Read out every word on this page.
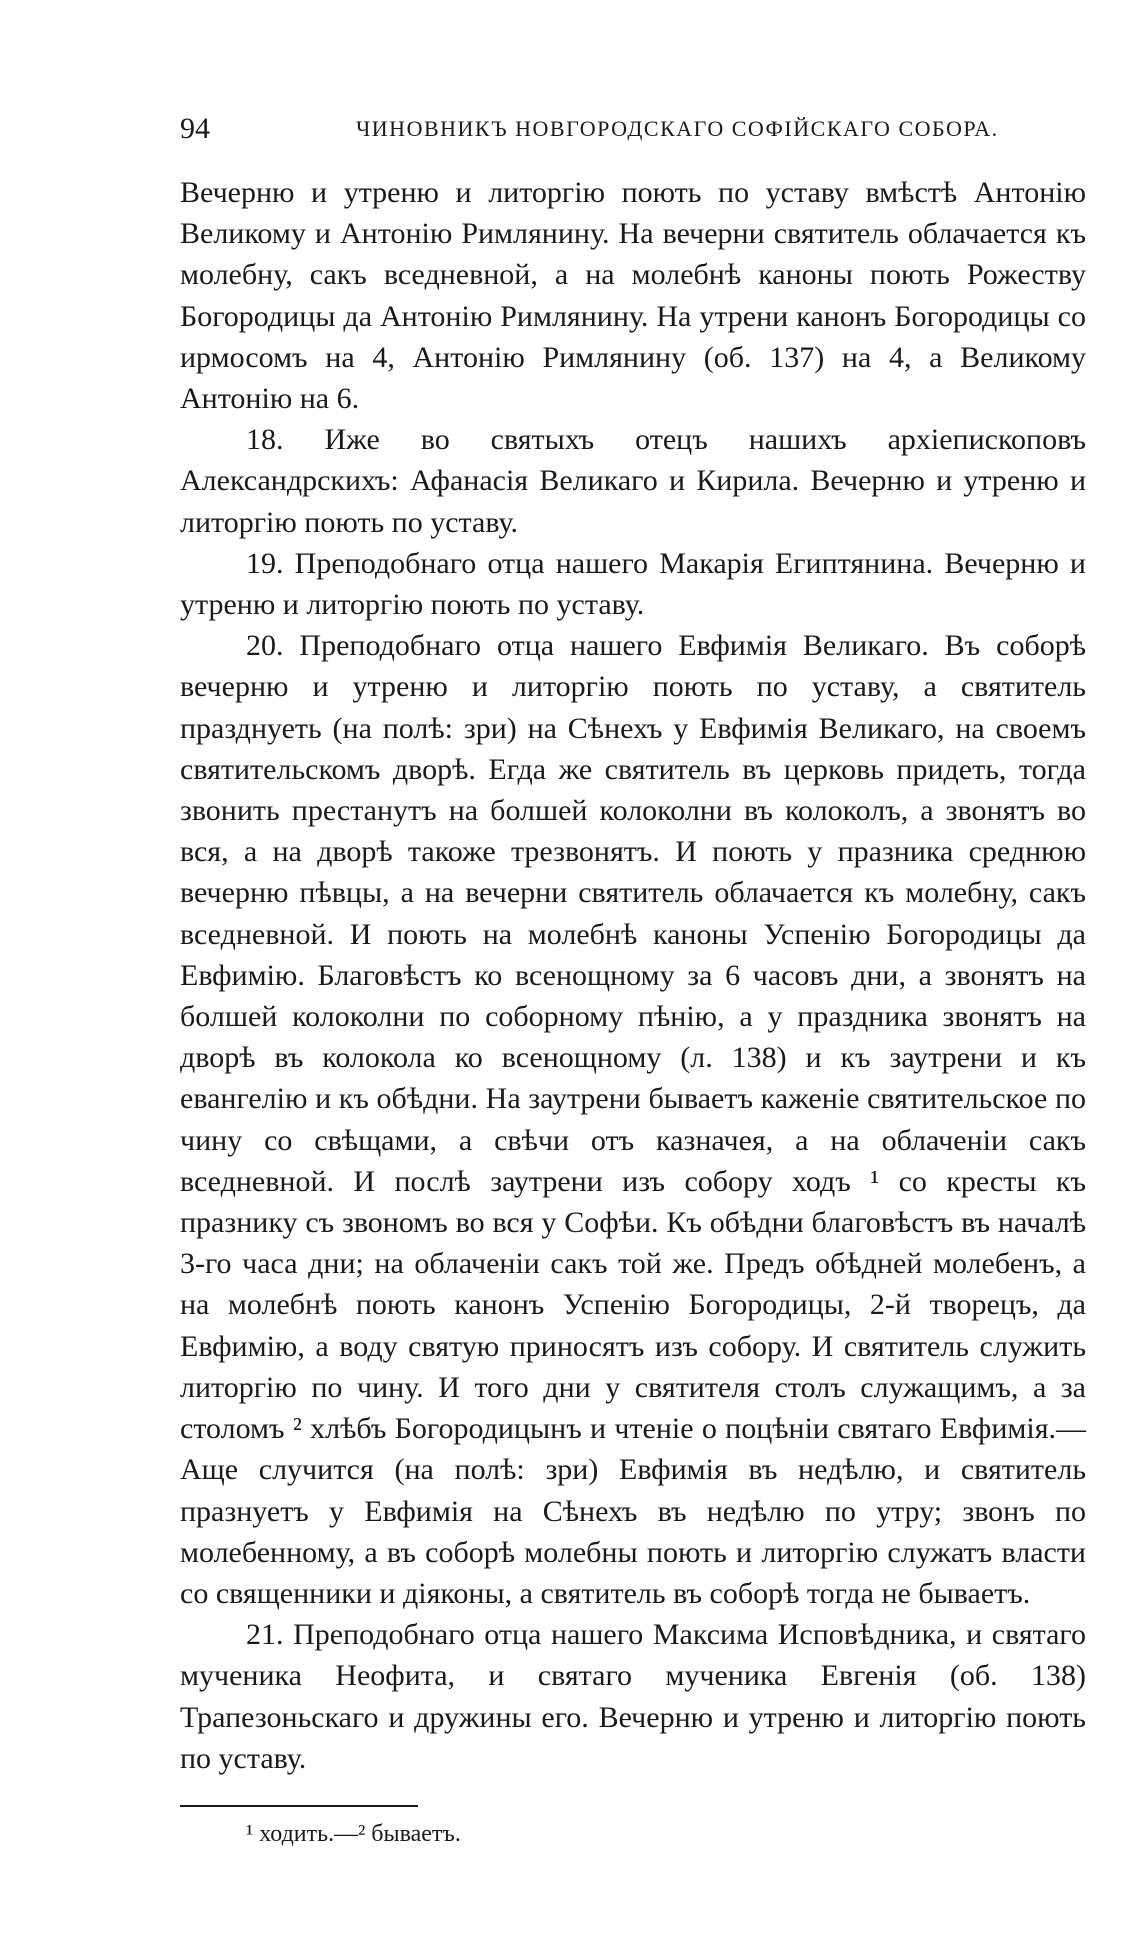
94	ЧИНОВНИКЪ НОВГОРОДСКАГО СОФІЙСКАГО СОБОРА.

Вечерню и утреню и литоргію поють по уставу вмѣстѣ Антонію Великому и Антонію Римлянину. На вечерни святитель облачается къ молебну, сакъ вседневной, а на молебнѣ каноны поють Рожеству Богородицы да Антонію Римлянину. На утрени канонъ Богородицы со ирмосомъ на 4, Антонію Римлянину (об. 137) на 4, а Великому Антонію на 6.

18. Иже во святыхъ отецъ нашихъ архіепископовъ Александрскихъ: Афанасія Великаго и Кирила. Вечерню и утреню и литоргію поють по уставу.

19. Преподобнаго отца нашего Макарія Египтянина. Вечерню и утреню и литоргію поють по уставу.

20. Преподобнаго отца нашего Евфимія Великаго. Въ соборѣ вечерню и утреню и литоргію поють по уставу, а святитель празднуеть (на полѣ: зри) на Сѣнехъ у Евфимія Великаго, на своемъ святительскомъ дворѣ. Егда же святитель въ церковь придеть, тогда звонить престанутъ на болшей колоколни въ колоколъ, а звонятъ во вся, а на дворѣ такоже трезвонятъ. И поють у празника среднюю вечерню пѣвцы, а на вечерни святитель облачается къ молебну, сакъ вседневной. И поють на молебнѣ каноны Успенію Богородицы да Евфимію. Благовѣстъ ко всенощному за 6 часовъ дни, а звонятъ на болшей колоколни по соборному пѣнію, а у праздника звонятъ на дворѣ въ колокола ко всенощному (л. 138) и къ заутрени и къ евангелію и къ обѣдни. На заутрени бываетъ каженіе святительское по чину со свѣщами, а свѣчи отъ казначея, а на облаченіи сакъ вседневной. И послѣ заутрени изъ собору ходъ ¹ со кресты къ празнику съ звономъ во вся у Софѣи. Къ обѣдни благовѣстъ въ началѣ 3-го часа дни; на облаченіи сакъ той же. Предъ обѣдней молебенъ, а на молебнѣ поють канонъ Успенію Богородицы, 2-й творецъ, да Евфимію, а воду святую приносятъ изъ собору. И святитель служить литоргію по чину. И того дни у святителя столъ служащимъ, а за столомъ ² хлѣбъ Богородицынъ и чтеніе о поцѣніи святаго Евфимія.—Аще случится (на полѣ: зри) Евфимія въ недѣлю, и святитель празнуетъ у Евфимія на Сѣнехъ въ недѣлю по утру; звонъ по молебенному, а въ соборѣ молебны поють и литоргію служатъ власти со священники и діяконы, а святитель въ соборѣ тогда не бываетъ.

21. Преподобнаго отца нашего Максима Исповѣдника, и святаго мученика Неофита, и святаго мученика Евгенія (об. 138) Трапезоньскаго и дружины его. Вечерню и утреню и литоргію поють по уставу.

¹ ходить.—² бываетъ.
